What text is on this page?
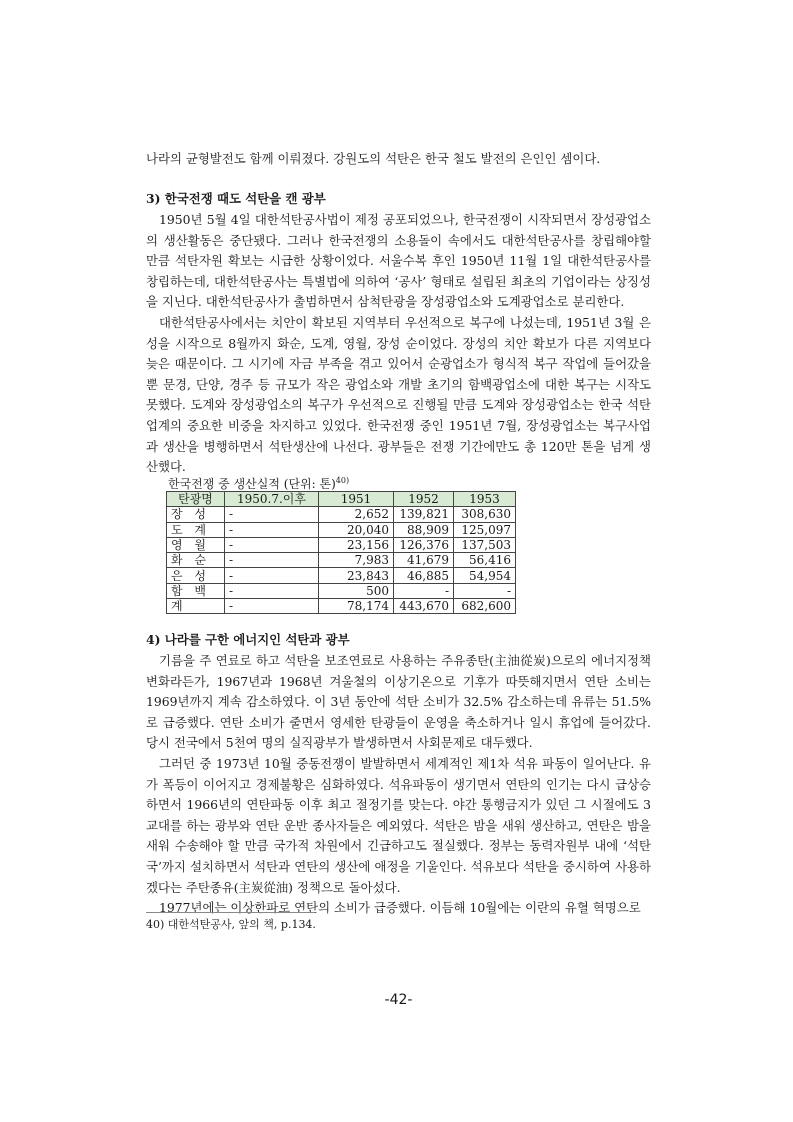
나라의 균형발전도 함께 이뤄졌다. 강원도의 석탄은 한국 철도 발전의 은인인 셈이다.

3) 한국전쟁 때도 석탄을 캔 광부

1950년 5월 4일 대한석탄공사법이 제정 공포되었으나, 한국전쟁이 시작되면서 장성광업소의 생산활동은 중단됐다. 그러나 한국전쟁의 소용돌이 속에서도 대한석탄공사를 창립해야할 만큼 석탄자원 확보는 시급한 상황이었다. 서울수복 후인 1950년 11월 1일 대한석탄공사를 창립하는데, 대한석탄공사는 특별법에 의하여 ‘공사’ 형태로 설립된 최초의 기업이라는 상징성을 지닌다. 대한석탄공사가 출범하면서 삼척탄광을 장성광업소와 도계광업소로 분리한다.

대한석탄공사에서는 치안이 확보된 지역부터 우선적으로 복구에 나섰는데, 1951년 3월 은성을 시작으로 8월까지 화순, 도계, 영월, 장성 순이었다. 장성의 치안 확보가 다른 지역보다 늦은 때문이다. 그 시기에 자금 부족을 겪고 있어서 순광업소가 형식적 복구 작업에 들어갔을 뿐 문경, 단양, 경주 등 규모가 작은 광업소와 개발 초기의 함백광업소에 대한 복구는 시작도 못했다. 도계와 장성광업소의 복구가 우선적으로 진행될 만큼 도계와 장성광업소는 한국 석탄업계의 중요한 비중을 차지하고 있었다. 한국전쟁 중인 1951년 7월, 장성광업소는 복구사업과 생산을 병행하면서 석탄생산에 나선다. 광부들은 전쟁 기간에만도 총 120만 톤을 넘게 생산했다.

한국전쟁 중 생산실적 (단위: 톤)$^{40)}$
탄광명	1950.7.이후	1951	1952	1953
장 성	-	2,652	139,821	308,630
도 계	-	20,040	88,909	125,097
영 월	-	23,156	126,376	137,503
화 순	-	7,983	41,679	56,416
은 성	-	23,843	46,885	54,954
함 백	-	500	-	-
계	-	78,174	443,670	682,600
4) 나라를 구한 에너지인 석탄과 광부

기름을 주 연료로 하고 석탄을 보조연료로 사용하는 주유종탄(主油從炭)으로의 에너지정책 변화라든가, 1967년과 1968년 겨울철의 이상기온으로 기후가 따뜻해지면서 연탄 소비는 1969년까지 계속 감소하였다. 이 3년 동안에 석탄 소비가 32.5% 감소하는데 유류는 51.5%로 급증했다. 연탄 소비가 줄면서 영세한 탄광들이 운영을 축소하거나 일시 휴업에 들어갔다. 당시 전국에서 5천여 명의 실직광부가 발생하면서 사회문제로 대두했다.

그러던 중 1973년 10월 중동전쟁이 발발하면서 세계적인 제1차 석유 파동이 일어난다. 유가 폭등이 이어지고 경제불황은 심화하였다. 석유파동이 생기면서 연탄의 인기는 다시 급상승하면서 1966년의 연탄파동 이후 최고 절정기를 맞는다. 야간 통행금지가 있던 그 시절에도 3교대를 하는 광부와 연탄 운반 종사자들은 예외였다. 석탄은 밤을 새워 생산하고, 연탄은 밤을 새워 수송해야 할 만큼 국가적 차원에서 긴급하고도 절실했다. 정부는 동력자원부 내에 ‘석탄국’까지 설치하면서 석탄과 연탄의 생산에 애정을 기울인다. 석유보다 석탄을 중시하여 사용하겠다는 주탄종유(主炭從油) 정책으로 돌아섰다.

1977년에는 이상한파로 연탄의 소비가 급증했다. 이듬해 10월에는 이란의 유혈 혁명으로

40) 대한석탄공사, 앞의 책, p.134.
-42-
